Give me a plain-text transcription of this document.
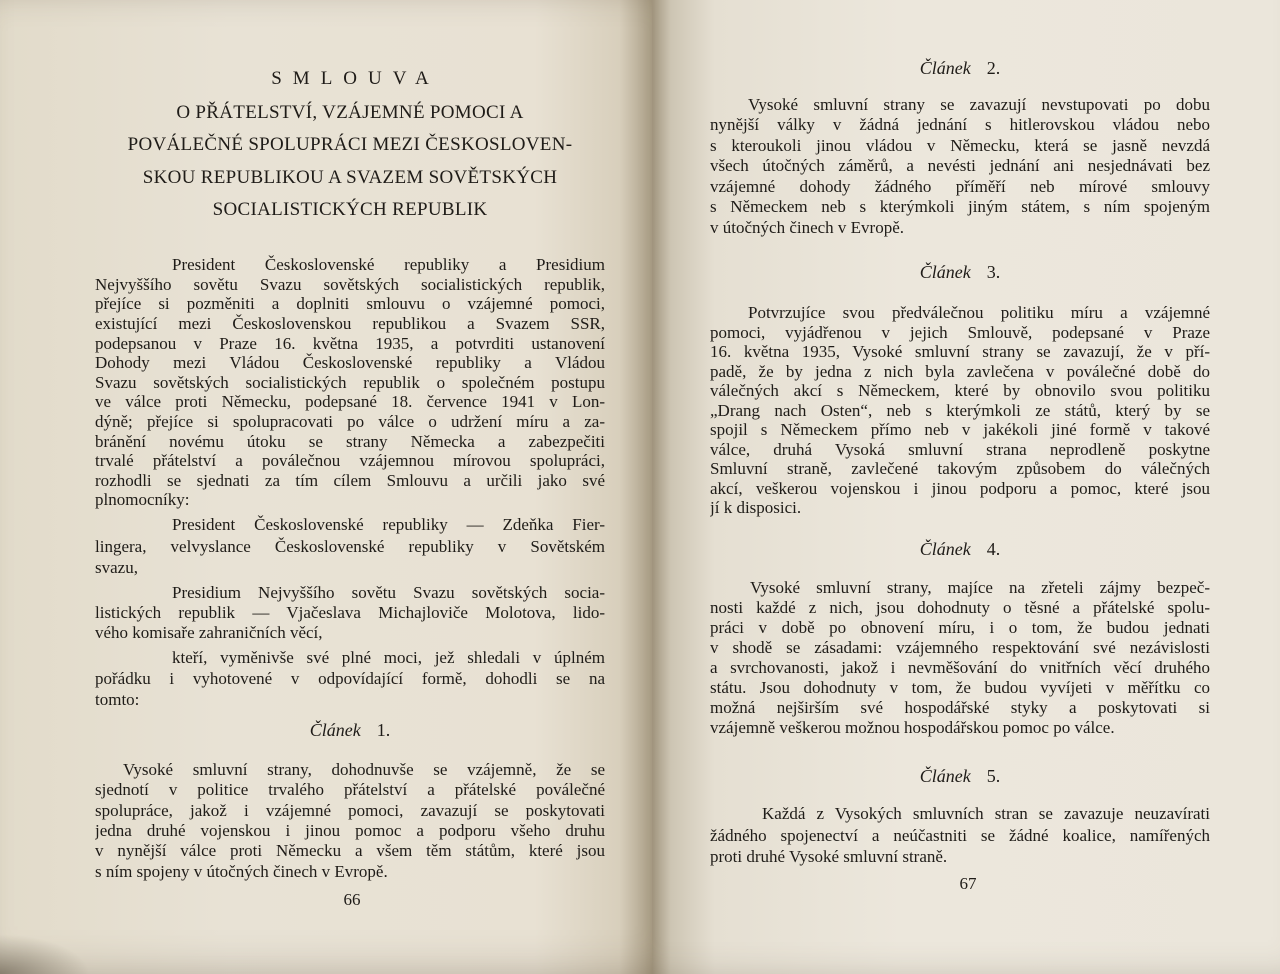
SMLOUVA
O PŘÁTELSTVÍ, VZÁJEMNÉ POMOCI A
POVÁLEČNÉ SPOLUPRÁCI MEZI ČESKOSLOVEN-
SKOU REPUBLIKOU A SVAZEM SOVĚTSKÝCH
SOCIALISTICKÝCH REPUBLIK
President Československé republiky a Presidium
Nejvyššího sovětu Svazu sovětských socialistických republik,
přejíce si pozměniti a doplniti smlouvu o vzájemné pomoci,
existující mezi Československou republikou a Svazem SSR,
podepsanou v Praze 16. května 1935, a potvrditi ustanovení
Dohody mezi Vládou Československé republiky a Vládou
Svazu sovětských socialistických republik o společném postupu
ve válce proti Německu, podepsané 18. července 1941 v Lon-
dýně; přejíce si spolupracovati po válce o udržení míru a za-
bránění novému útoku se strany Německa a zabezpečiti
trvalé přátelství a poválečnou vzájemnou mírovou spolupráci,
rozhodli se sjednati za tím cílem Smlouvu a určili jako své
plnomocníky:
President Československé republiky — Zdeňka Fier-
lingera, velvyslance Československé republiky v Sovětském
svazu,
Presidium Nejvyššího sovětu Svazu sovětských socia-
listických republik — Vjačeslava Michajloviče Molotova, lido-
vého komisaře zahraničních věcí,
kteří, vyměnivše své plné moci, jež shledali v úplném
pořádku i vyhotovené v odpovídající formě, dohodli se na
tomto:
Článek 1.
Vysoké smluvní strany, dohodnuvše se vzájemně, že se
sjednotí v politice trvalého přátelství a přátelské poválečné
spolupráce, jakož i vzájemné pomoci, zavazují se poskytovati
jedna druhé vojenskou i jinou pomoc a podporu všeho druhu
v nynější válce proti Německu a všem těm státům, které jsou
s ním spojeny v útočných činech v Evropě.
66
Článek 2.
Vysoké smluvní strany se zavazují nevstupovati po dobu
nynější války v žádná jednání s hitlerovskou vládou nebo
s kteroukoli jinou vládou v Německu, která se jasně nevzdá
všech útočných záměrů, a nevésti jednání ani nesjednávati bez
vzájemné dohody žádného příměří neb mírové smlouvy
s Německem neb s kterýmkoli jiným státem, s ním spojeným
v útočných činech v Evropě.
Článek 3.
Potvrzujíce svou předválečnou politiku míru a vzájemné
pomoci, vyjádřenou v jejich Smlouvě, podepsané v Praze
16. května 1935, Vysoké smluvní strany se zavazují, že v pří-
padě, že by jedna z nich byla zavlečena v poválečné době do
válečných akcí s Německem, které by obnovilo svou politiku
„Drang nach Osten“, neb s kterýmkoli ze států, který by se
spojil s Německem přímo neb v jakékoli jiné formě v takové
válce, druhá Vysoká smluvní strana neprodleně poskytne
Smluvní straně, zavlečené takovým způsobem do válečných
akcí, veškerou vojenskou i jinou podporu a pomoc, které jsou
jí k disposici.
Článek 4.
Vysoké smluvní strany, majíce na zřeteli zájmy bezpeč-
nosti každé z nich, jsou dohodnuty o těsné a přátelské spolu-
práci v době po obnovení míru, i o tom, že budou jednati
v shodě se zásadami: vzájemného respektování své nezávislosti
a svrchovanosti, jakož i nevměšování do vnitřních věcí druhého
státu. Jsou dohodnuty v tom, že budou vyvíjeti v měřítku co
možná nejširším své hospodářské styky a poskytovati si
vzájemně veškerou možnou hospodářskou pomoc po válce.
Článek 5.
Každá z Vysokých smluvních stran se zavazuje neuzavírati
žádného spojenectví a neúčastniti se žádné koalice, namířených
proti druhé Vysoké smluvní straně.
67
